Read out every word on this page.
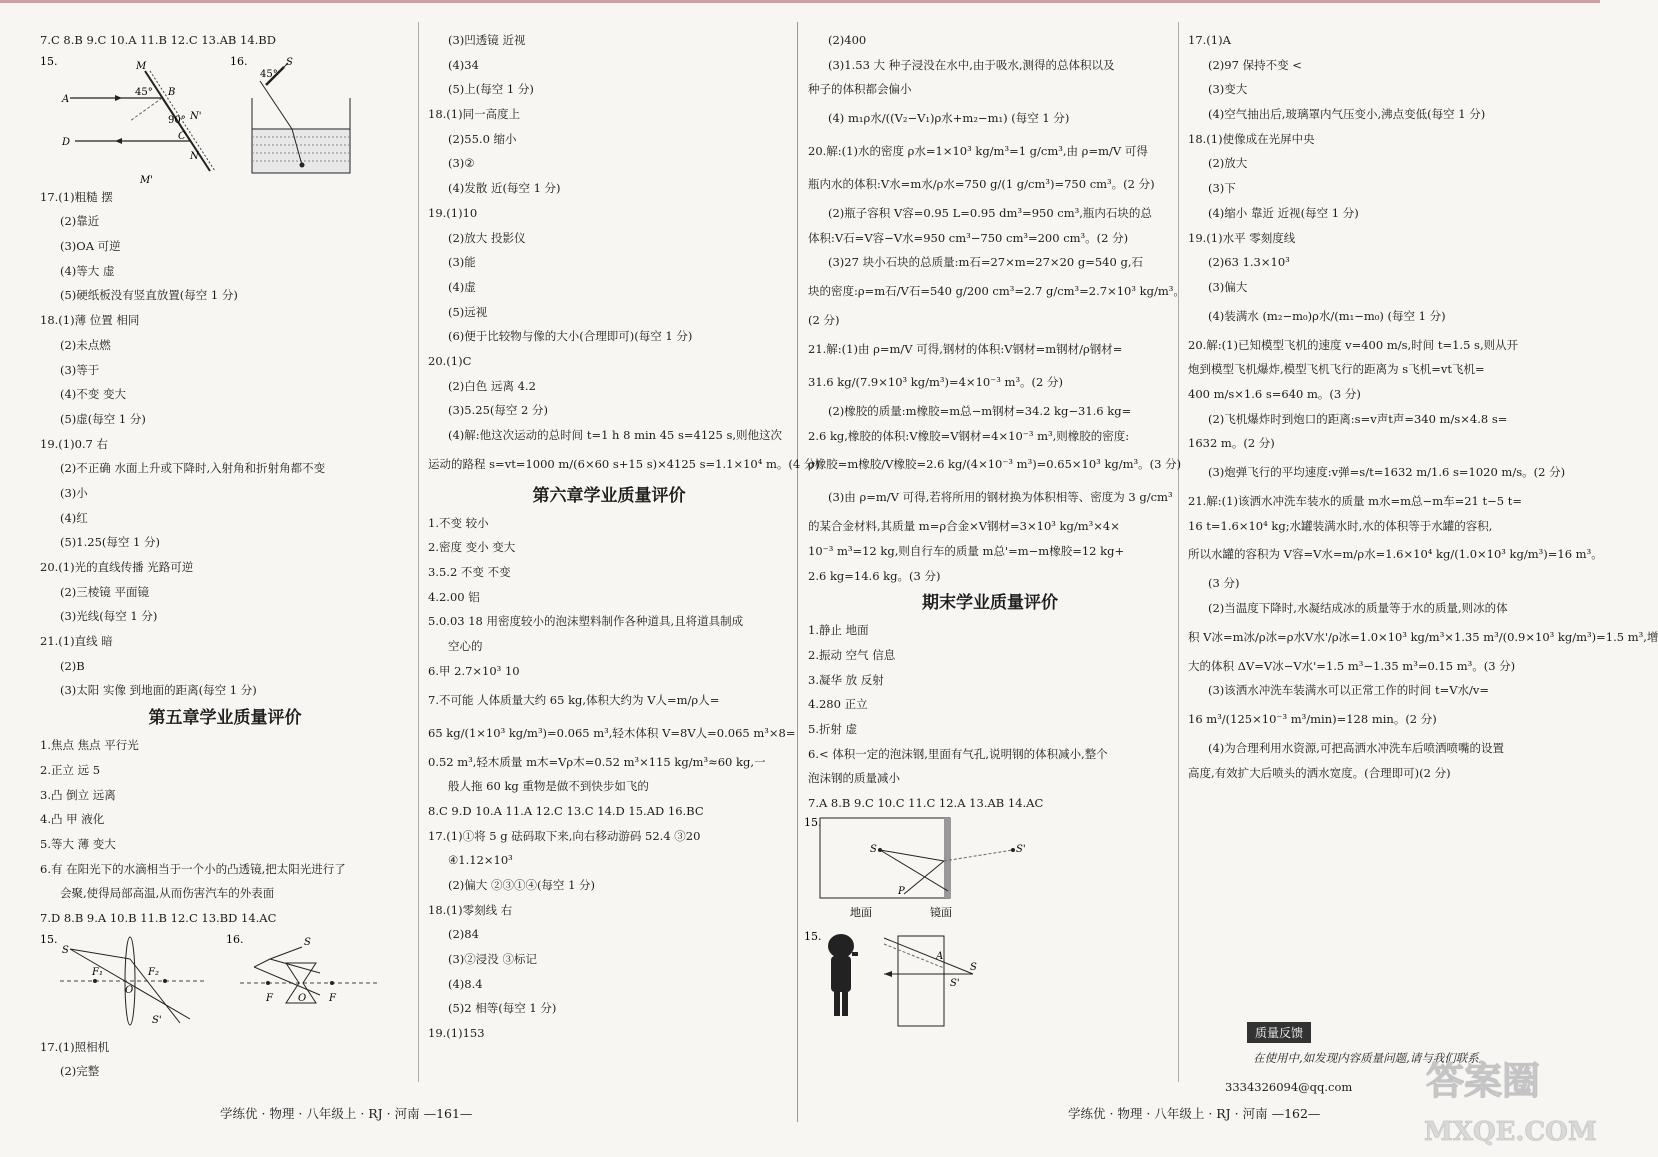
7.C 8.B 9.C 10.A 11.B 12.C 13.AB 14.BD

15.	M
45° B
A
90° N'
D
C
N
M'
16.
45°
S

17.(1)粗糙 摆

(2)靠近

(3)OA 可逆

(4)等大 虚

(5)硬纸板没有竖直放置(每空 1 分)

18.(1)薄 位置 相同

(2)未点燃

(3)等于

(4)不变 变大

(5)虚(每空 1 分)

19.(1)0.7 右

(2)不正确 水面上升或下降时,入射角和折射角都不变

(3)小

(4)红

(5)1.25(每空 1 分)

20.(1)光的直线传播 光路可逆

(2)三棱镜 平面镜

(3)光线(每空 1 分)

21.(1)直线 暗

(2)B

(3)太阳 实像 到地面的距离(每空 1 分)

第五章学业质量评价

1.焦点 焦点 平行光

2.正立 远 5

3.凸 倒立 远离

4.凸 甲 液化

5.等大 薄 变大

6.有 在阳光下的水滴相当于一个小的凸透镜,把太阳光进行了

会聚,使得局部高温,从而伤害汽车的外表面

7.D 8.B 9.A 10.B 11.B 12.C 13.BD 14.AC

15.
S
F₁	F₂
O
S'
16.	S
F	O F

17.(1)照相机

(2)完整

(3)凹透镜 近视

(4)34

(5)上(每空 1 分)

18.(1)同一高度上

(2)55.0 缩小

(3)②

(4)发散 近(每空 1 分)

19.(1)10

(2)放大 投影仪

(3)能

(4)虚

(5)远视

(6)便于比较物与像的大小(合理即可)(每空 1 分)

20.(1)C

(2)白色 远离 4.2

(3)5.25(每空 2 分)

(4)解:他这次运动的总时间 t=1 h 8 min 45 s=4125 s,则他这次

运动的路程 s=vt=1000 m/(6×60 s+15 s)×4125 s=1.1×10⁴ m。(4 分)

第六章学业质量评价

1.不变 较小

2.密度 变小 变大

3.5.2 不变 不变

4.2.00 铝

5.0.03 18 用密度较小的泡沫塑料制作各种道具,且将道具制成

空心的

6.甲 2.7×10³ 10

7.不可能 人体质量大约 65 kg,体积大约为 V人=m/ρ人=

65 kg/(1×10³ kg/m³)=0.065 m³,轻木体积 V=8V人=0.065 m³×8=

0.52 m³,轻木质量 m木=Vρ木=0.52 m³×115 kg/m³≈60 kg,一

般人拖 60 kg 重物是做不到快步如飞的

8.C 9.D 10.A 11.A 12.C 13.C 14.D 15.AD 16.BC

17.(1)①将 5 g 砝码取下来,向右移动游码 52.4 ③20

④1.12×10³

(2)偏大 ②③①④(每空 1 分)

18.(1)零刻线 右

(2)84

(3)②浸没 ③标记

(4)8.4

(5)2 相等(每空 1 分)

19.(1)153

(2)400

(3)1.53 大 种子浸没在水中,由于吸水,测得的总体积以及

种子的体积都会偏小

(4) m₁ρ水/((V₂−V₁)ρ水+m₂−m₁) (每空 1 分)

20.解:(1)水的密度 ρ水=1×10³ kg/m³=1 g/cm³,由 ρ=m/V 可得

瓶内水的体积:V水=m水/ρ水=750 g/(1 g/cm³)=750 cm³。(2 分)

(2)瓶子容积 V容=0.95 L=0.95 dm³=950 cm³,瓶内石块的总

体积:V石=V容−V水=950 cm³−750 cm³=200 cm³。(2 分)

(3)27 块小石块的总质量:m石=27×m=27×20 g=540 g,石

块的密度:ρ=m石/V石=540 g/200 cm³=2.7 g/cm³=2.7×10³ kg/m³。

(2 分)

21.解:(1)由 ρ=m/V 可得,钢材的体积:V钢材=m钢材/ρ钢材=

31.6 kg/(7.9×10³ kg/m³)=4×10⁻³ m³。(2 分)

(2)橡胶的质量:m橡胶=m总−m钢材=34.2 kg−31.6 kg=

2.6 kg,橡胶的体积:V橡胶=V钢材=4×10⁻³ m³,则橡胶的密度:

ρ橡胶=m橡胶/V橡胶=2.6 kg/(4×10⁻³ m³)=0.65×10³ kg/m³。(3 分)

(3)由 ρ=m/V 可得,若将所用的钢材换为体积相等、密度为 3 g/cm³

的某合金材料,其质量 m=ρ合金×V钢材=3×10³ kg/m³×4×

10⁻³ m³=12 kg,则自行车的质量 m总'=m−m橡胶=12 kg+

2.6 kg=14.6 kg。(3 分)

期末学业质量评价

1.静止 地面

2.振动 空气 信息

3.凝华 放 反射

4.280 正立

5.折射 虚

6.< 体积一定的泡沫钢,里面有气孔,说明钢的体积减小,整个

泡沫钢的质量减小

7.A 8.B 9.C 10.C 11.C 12.A 13.AB 14.AC

15.
S	S'
P
地面	镜面
15.
A
S
S'

17.(1)A

(2)97 保持不变 <

(3)变大

(4)空气抽出后,玻璃罩内气压变小,沸点变低(每空 1 分)

18.(1)使像成在光屏中央

(2)放大

(3)下

(4)缩小 靠近 近视(每空 1 分)

19.(1)水平 零刻度线

(2)63 1.3×10³

(3)偏大

(4)装满水 (m₂−m₀)ρ水/(m₁−m₀) (每空 1 分)

20.解:(1)已知模型飞机的速度 v=400 m/s,时间 t=1.5 s,则从开

炮到模型飞机爆炸,模型飞机飞行的距离为 s飞机=vt飞机=

400 m/s×1.6 s=640 m。(3 分)

(2)飞机爆炸时到炮口的距离:s=v声t声=340 m/s×4.8 s=

1632 m。(2 分)

(3)炮弹飞行的平均速度:v弹=s/t=1632 m/1.6 s=1020 m/s。(2 分)

21.解:(1)该洒水冲洗车装水的质量 m水=m总−m车=21 t−5 t=

16 t=1.6×10⁴ kg;水罐装满水时,水的体积等于水罐的容积,

所以水罐的容积为 V容=V水=m/ρ水=1.6×10⁴ kg/(1.0×10³ kg/m³)=16 m³。

(3 分)

(2)当温度下降时,水凝结成冰的质量等于水的质量,则冰的体

积 V冰=m冰/ρ冰=ρ水V水'/ρ冰=1.0×10³ kg/m³×1.35 m³/(0.9×10³ kg/m³)=1.5 m³,增

大的体积 ΔV=V冰−V水'=1.5 m³−1.35 m³=0.15 m³。(3 分)

(3)该洒水冲洗车装满水可以正常工作的时间 t=V水/v=

16 m³/(125×10⁻³ m³/min)=128 min。(2 分)

(4)为合理利用水资源,可把高洒水冲洗车后喷洒喷嘴的设置

高度,有效扩大后喷头的洒水宽度。(合理即可)(2 分)

质量反馈
在使用中,如发现内容质量问题,请与我们联系,
3334326094@qq.com
学练优 · 物理 · 八年级上 · RJ · 河南 —161—	学练优 · 物理 · 八年级上 · RJ · 河南 —162—
答案圈
MXQE.COM
